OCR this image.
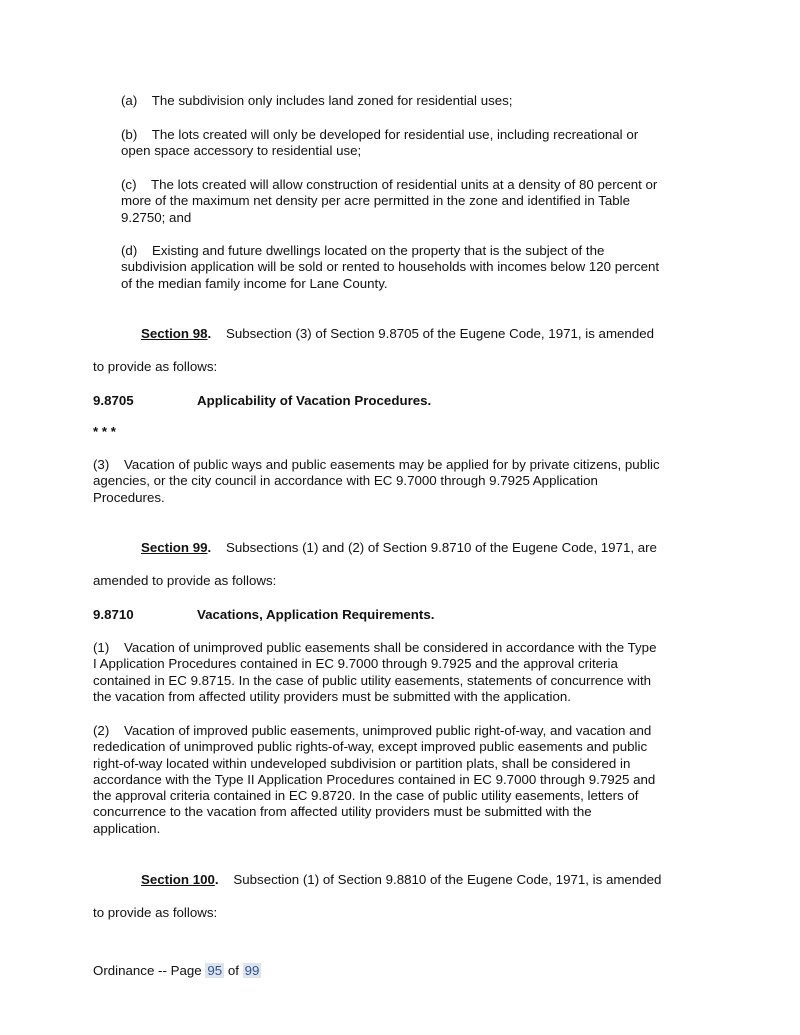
(a)    The subdivision only includes land zoned for residential uses;
(b)    The lots created will only be developed for residential use, including recreational or
open space accessory to residential use;
(c)    The lots created will allow construction of residential units at a density of 80 percent or
more of the maximum net density per acre permitted in the zone and identified in Table
9.2750; and
(d)    Existing and future dwellings located on the property that is the subject of the
subdivision application will be sold or rented to households with incomes below 120 percent
of the median family income for Lane County.
Section 98.    Subsection (3) of Section 9.8705 of the Eugene Code, 1971, is amended
to provide as follows:
9.8705	Applicability of Vacation Procedures.
* * *
(3)    Vacation of public ways and public easements may be applied for by private citizens, public
agencies, or the city council in accordance with EC 9.7000 through 9.7925 Application
Procedures.
Section 99.    Subsections (1) and (2) of Section 9.8710 of the Eugene Code, 1971, are
amended to provide as follows:
9.8710	Vacations, Application Requirements.
(1)    Vacation of unimproved public easements shall be considered in accordance with the Type
I Application Procedures contained in EC 9.7000 through 9.7925 and the approval criteria
contained in EC 9.8715. In the case of public utility easements, statements of concurrence with
the vacation from affected utility providers must be submitted with the application.
(2)    Vacation of improved public easements, unimproved public right-of-way, and vacation and
rededication of unimproved public rights-of-way, except improved public easements and public
right-of-way located within undeveloped subdivision or partition plats, shall be considered in
accordance with the Type II Application Procedures contained in EC 9.7000 through 9.7925 and
the approval criteria contained in EC 9.8720. In the case of public utility easements, letters of
concurrence to the vacation from affected utility providers must be submitted with the
application.
Section 100.    Subsection (1) of Section 9.8810 of the Eugene Code, 1971, is amended
to provide as follows:
Ordinance -- Page 95 of 99
